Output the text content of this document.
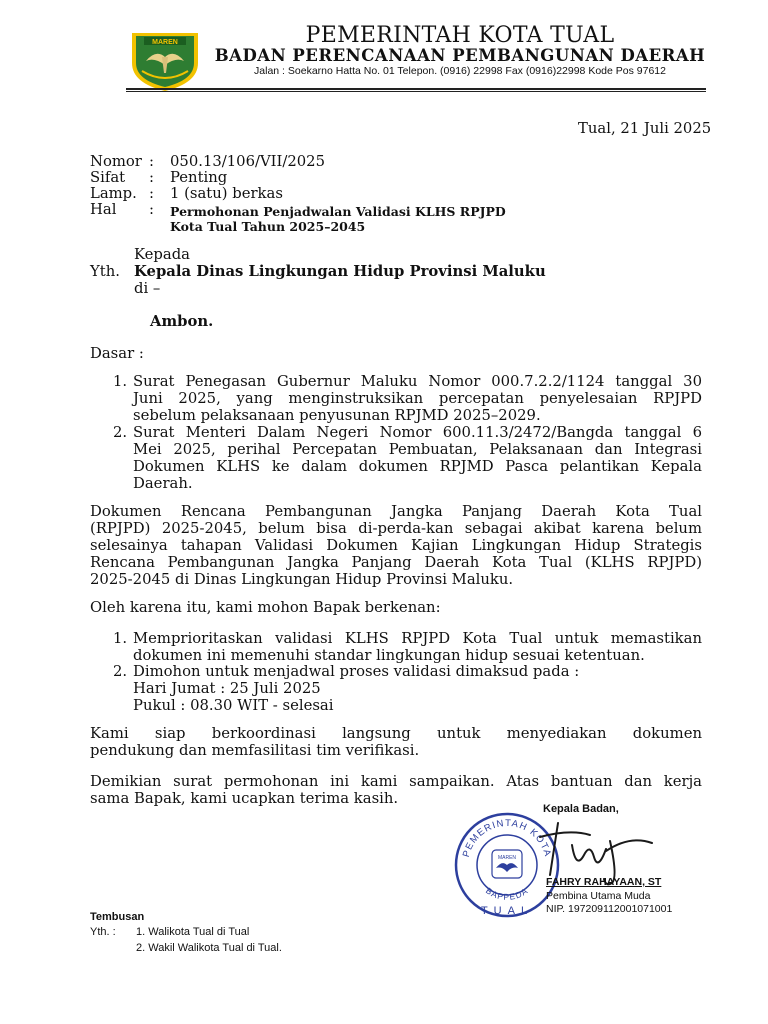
MAREN	PEMERINTAH KOTA TUAL
BADAN PERENCANAAN PEMBANGUNAN DAERAH
Jalan : Soekarno Hatta No. 01 Telepon. (0916) 22998 Fax (0916)22998 Kode Pos 97612
Tual, 21 Juli 2025
Nomor : 050.13/106/VII/2025
Sifat : Penting
Lamp. : 1 (satu) berkas
Hal : Permohonan Penjadwalan Validasi KLHS RPJPD
Kota Tual Tahun 2025–2045
Kepada
Yth. Kepala Dinas Lingkungan Hidup Provinsi Maluku
di –
Ambon.
Dasar :
1. Surat Penegasan Gubernur Maluku Nomor 000.7.2.2/1124 tanggal 30
Juni 2025, yang menginstruksikan percepatan penyelesaian RPJPD
sebelum pelaksanaan penyusunan RPJMD 2025–2029.
2. Surat Menteri Dalam Negeri Nomor 600.11.3/2472/Bangda tanggal 6
Mei 2025, perihal Percepatan Pembuatan, Pelaksanaan dan Integrasi
Dokumen KLHS ke dalam dokumen RPJMD Pasca pelantikan Kepala
Daerah.
Dokumen Rencana Pembangunan Jangka Panjang Daerah Kota Tual
(RPJPD) 2025-2045, belum bisa di-perda-kan sebagai akibat karena belum
selesainya tahapan Validasi Dokumen Kajian Lingkungan Hidup Strategis
Rencana Pembangunan Jangka Panjang Daerah Kota Tual (KLHS RPJPD)
2025-2045 di Dinas Lingkungan Hidup Provinsi Maluku.
Oleh karena itu, kami mohon Bapak berkenan:
1. Memprioritaskan validasi KLHS RPJPD Kota Tual untuk memastikan
dokumen ini memenuhi standar lingkungan hidup sesuai ketentuan.
2. Dimohon untuk menjadwal proses validasi dimaksud pada :
Hari Jumat : 25 Juli 2025
Pukul : 08.30 WIT - selesai
Kami siap berkoordinasi langsung untuk menyediakan dokumen
pendukung dan memfasilitasi tim verifikasi.
Demikian surat permohonan ini kami sampaikan. Atas bantuan dan kerja
sama Bapak, kami ucapkan terima kasih.
Kepala Badan,
PEMERINTAH KOTA
BAPPEDA
MAREN
TUAL
FAHRY RAHAYAAN, ST
Pembina Utama Muda
NIP. 197209112001071001
Tembusan
Yth. : 1. Walikota Tual di Tual
2. Wakil Walikota Tual di Tual.
